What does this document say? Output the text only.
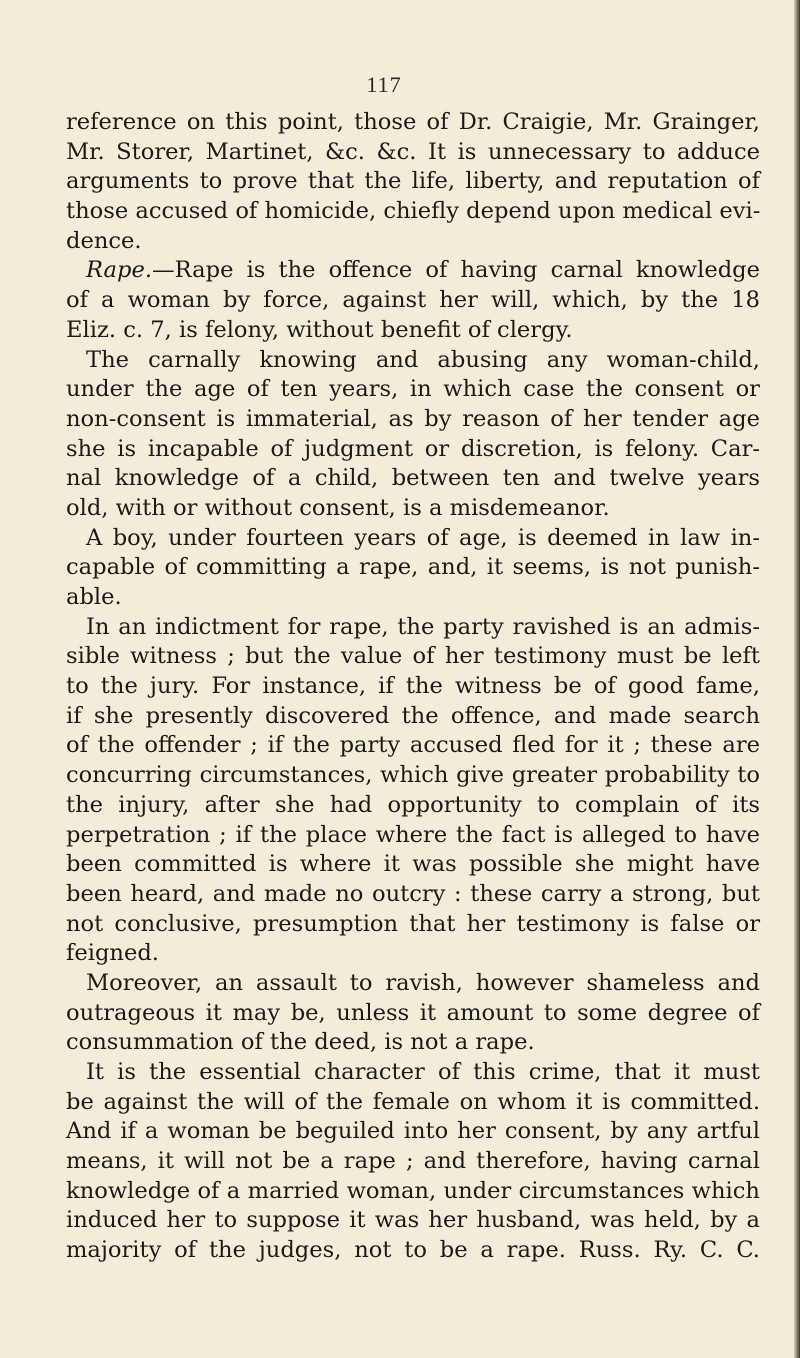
117
reference on this point, those of Dr. Craigie, Mr. Grainger,
Mr. Storer, Martinet, &c. &c. It is unnecessary to adduce
arguments to prove that the life, liberty, and reputation of
those accused of homicide, chiefly depend upon medical evi-
dence.
Rape.—Rape is the offence of having carnal knowledge
of a woman by force, against her will, which, by the 18
Eliz. c. 7, is felony, without benefit of clergy.
The carnally knowing and abusing any woman-child,
under the age of ten years, in which case the consent or
non-consent is immaterial, as by reason of her tender age
she is incapable of judgment or discretion, is felony. Car-
nal knowledge of a child, between ten and twelve years
old, with or without consent, is a misdemeanor.
A boy, under fourteen years of age, is deemed in law in-
capable of committing a rape, and, it seems, is not punish-
able.
In an indictment for rape, the party ravished is an admis-
sible witness ; but the value of her testimony must be left
to the jury. For instance, if the witness be of good fame,
if she presently discovered the offence, and made search
of the offender ; if the party accused fled for it ; these are
concurring circumstances, which give greater probability to
the injury, after she had opportunity to complain of its
perpetration ; if the place where the fact is alleged to have
been committed is where it was possible she might have
been heard, and made no outcry : these carry a strong, but
not conclusive, presumption that her testimony is false or
feigned.
Moreover, an assault to ravish, however shameless and
outrageous it may be, unless it amount to some degree of
consummation of the deed, is not a rape.
It is the essential character of this crime, that it must
be against the will of the female on whom it is committed.
And if a woman be beguiled into her consent, by any artful
means, it will not be a rape ; and therefore, having carnal
knowledge of a married woman, under circumstances which
induced her to suppose it was her husband, was held, by a
majority of the judges, not to be a rape. Russ. Ry. C. C.
